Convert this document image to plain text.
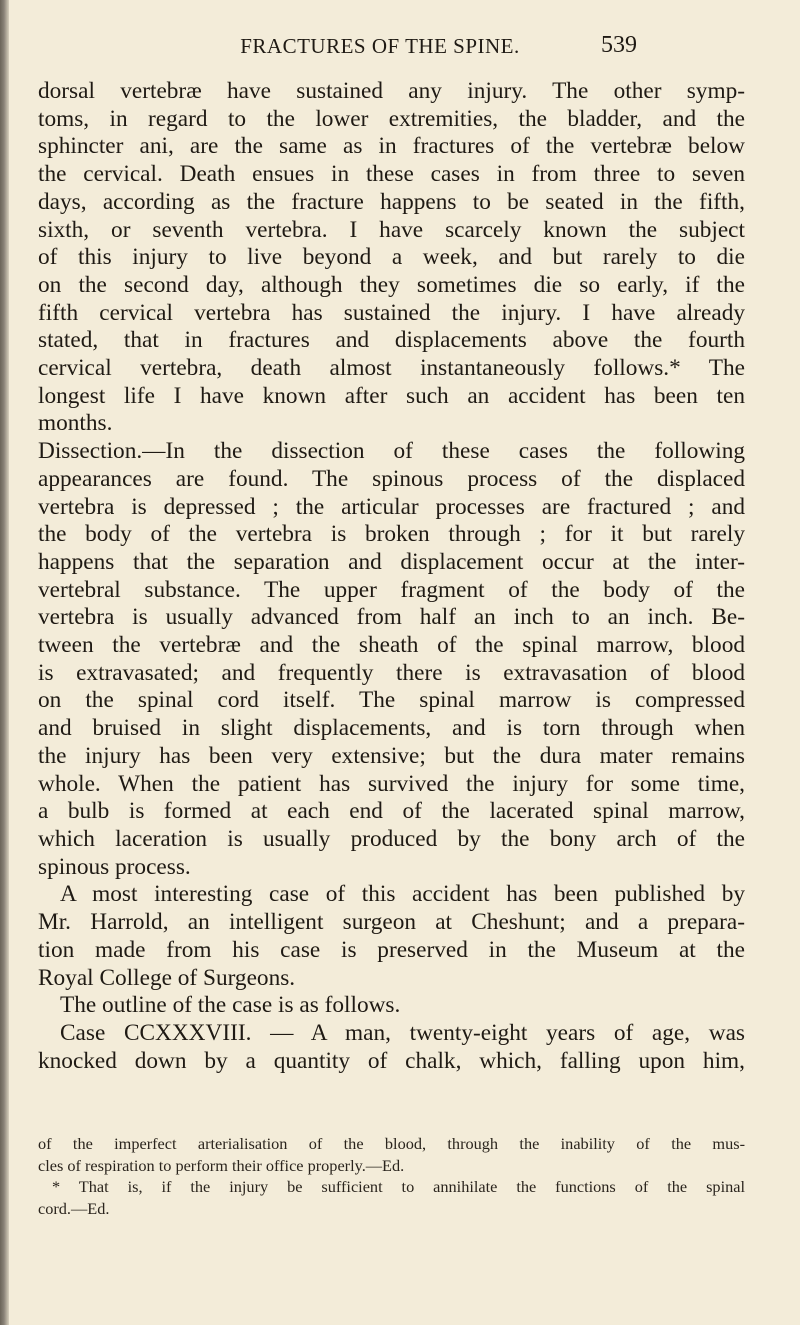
FRACTURES OF THE SPINE.	539
dorsal vertebræ have sustained any injury. The other symp-
toms, in regard to the lower extremities, the bladder, and the
sphincter ani, are the same as in fractures of the vertebræ below
the cervical. Death ensues in these cases in from three to seven
days, according as the fracture happens to be seated in the fifth,
sixth, or seventh vertebra. I have scarcely known the subject
of this injury to live beyond a week, and but rarely to die
on the second day, although they sometimes die so early, if the
fifth cervical vertebra has sustained the injury. I have already
stated, that in fractures and displacements above the fourth
cervical vertebra, death almost instantaneously follows.* The
longest life I have known after such an accident has been ten
months.
Dissection.—In the dissection of these cases the following
appearances are found. The spinous process of the displaced
vertebra is depressed ; the articular processes are fractured ; and
the body of the vertebra is broken through ; for it but rarely
happens that the separation and displacement occur at the inter-
vertebral substance. The upper fragment of the body of the
vertebra is usually advanced from half an inch to an inch. Be-
tween the vertebræ and the sheath of the spinal marrow, blood
is extravasated; and frequently there is extravasation of blood
on the spinal cord itself. The spinal marrow is compressed
and bruised in slight displacements, and is torn through when
the injury has been very extensive; but the dura mater remains
whole. When the patient has survived the injury for some time,
a bulb is formed at each end of the lacerated spinal marrow,
which laceration is usually produced by the bony arch of the
spinous process.
A most interesting case of this accident has been published by
Mr. Harrold, an intelligent surgeon at Cheshunt; and a prepara-
tion made from his case is preserved in the Museum at the
Royal College of Surgeons.
The outline of the case is as follows.
Case CCXXXVIII. — A man, twenty-eight years of age, was
knocked down by a quantity of chalk, which, falling upon him,
of the imperfect arterialisation of the blood, through the inability of the mus-
cles of respiration to perform their office properly.—Ed.
* That is, if the injury be sufficient to annihilate the functions of the spinal
cord.—Ed.
